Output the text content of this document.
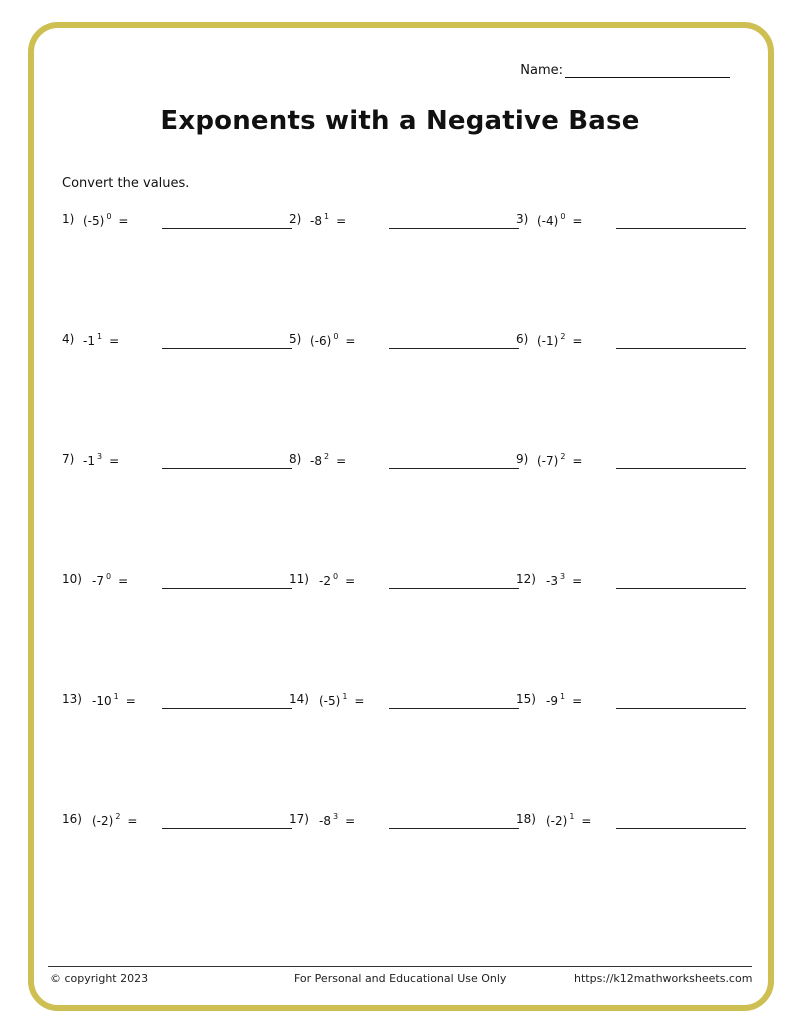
Name:
Exponents with a Negative Base
Convert the values.
1) (-5) $^0$ =	2) -8 $^1$ =	3) (-4) $^0$ =
4) -1 $^1$ =	5) (-6) $^0$ =	6) (-1) $^2$ =
7) -1 $^3$ =	8) -8 $^2$ =	9) (-7) $^2$ =
10) -7 $^0$ =	11) -2 $^0$ =	12) -3 $^3$ =
13) -10 $^1$ =	14) (-5) $^1$ =	15) -9 $^1$ =
16) (-2) $^2$ =	17) -8 $^3$ =	18) (-2) $^1$ =
© copyright 2023	For Personal and Educational Use Only	https://k12mathworksheets.com
